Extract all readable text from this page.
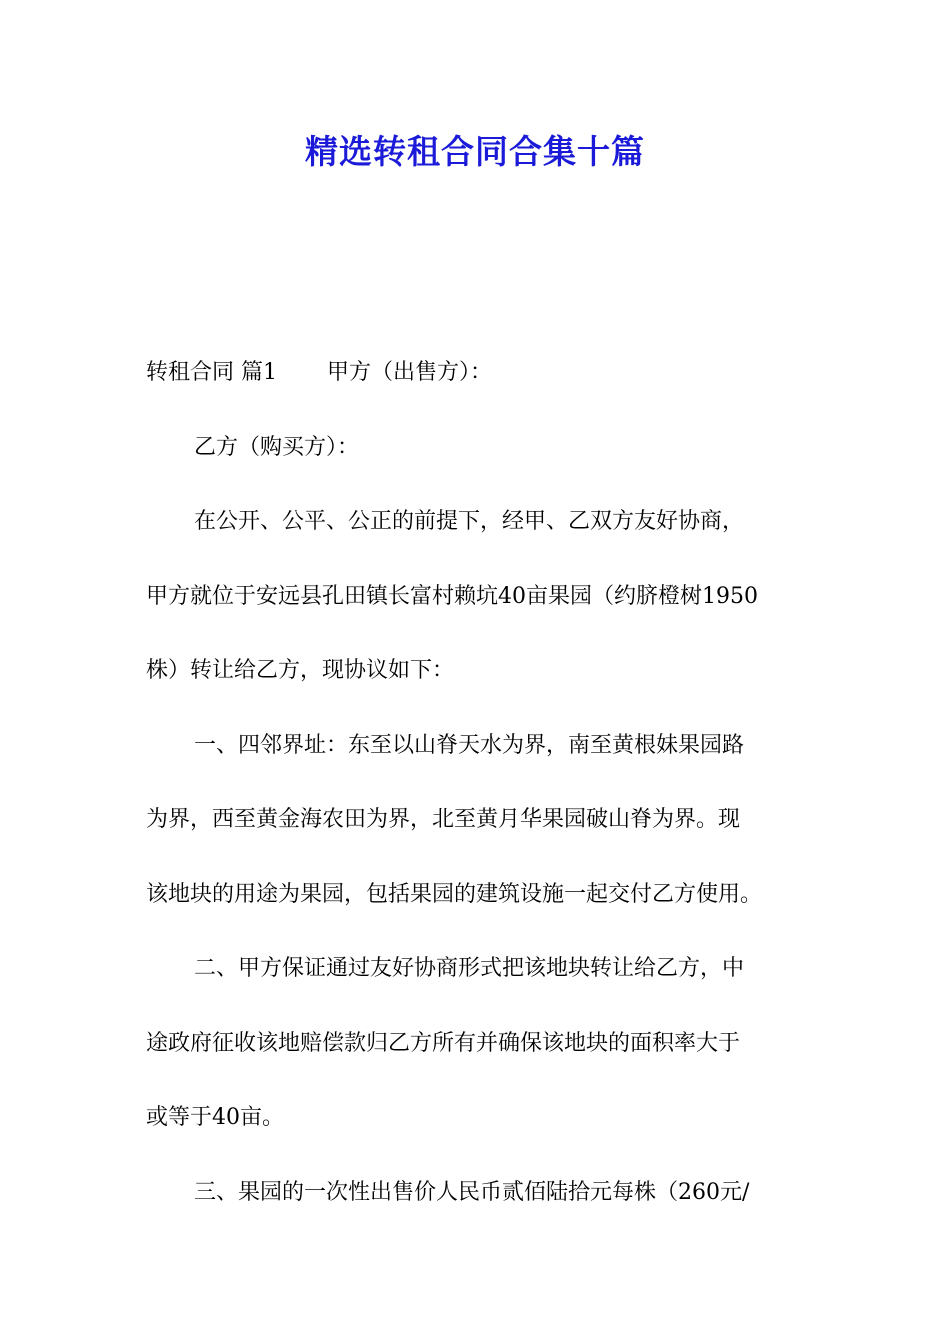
精选转租合同合集十篇
转租合同 篇1 甲方（出售方）：
乙方（购买方）：
在公开、公平、公正的前提下，经甲、乙双方友好协商，
甲方就位于安远县孔田镇长富村赖坑40亩果园（约脐橙树1950
株）转让给乙方，现协议如下：
一、四邻界址：东至以山脊天水为界，南至黄根妹果园路
为界，西至黄金海农田为界，北至黄月华果园破山脊为界。现
该地块的用途为果园，包括果园的建筑设施一起交付乙方使用。
二、甲方保证通过友好协商形式把该地块转让给乙方，中
途政府征收该地赔偿款归乙方所有并确保该地块的面积率大于
或等于40亩。
三、果园的一次性出售价人民币贰佰陆拾元每株（260元/
